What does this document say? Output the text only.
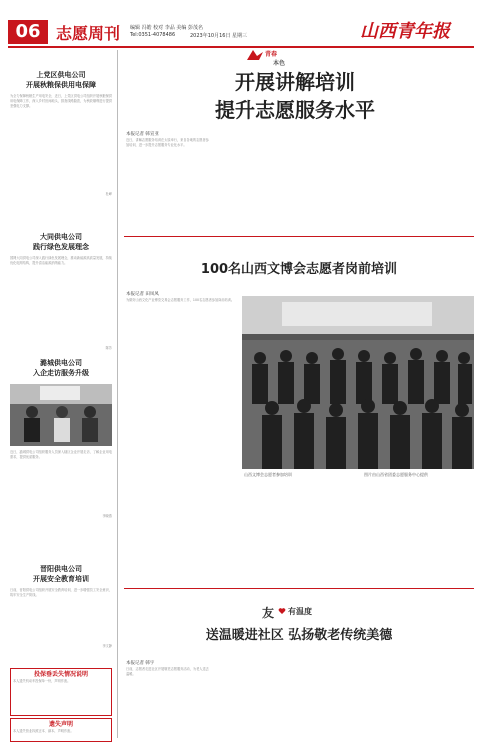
06 志愿周刊 编辑 冯皓 校对 李品 美编 彭茂名
Tel:0351-4078486	2023年10月16日 星期三	山西青年报
上党区供电公司
开展秋粮保供用电保障
为全力保障秋粮生产用电安全，近日，上党区供电公司组织开展秋粮保供用电保障工作，深入乡村田间地头，排查线路隐患，为秋收顺利进行提供坚强电力支撑。
杜峰
大同供电公司
践行绿色发展理念
国网大同供电公司深入践行绿色发展理念，推动新能源高质量发展，持续优化电网结构，提升清洁能源消纳能力。
陈芳
潞城供电公司
入企走访服务升级
近日，潞城供电公司组织服务人员深入辖区企业开展走访，了解企业用电需求，提供优质服务。
李晓燕
晋阳供电公司
开展安全教育培训
日前，晋阳供电公司组织开展安全教育培训，进一步增强员工安全意识，筑牢安全生产防线。
李文静
投保垂丢失情况说明
本人遗失机动车投保单一份，声明作废。
遗失声明
本人遗失营业执照正本、副本，声明作废。
青春
本色
开展讲解培训
提升志愿服务水平
本报记者 韩宣亚
近日，讲解志愿服务培训在太原举行，来自各地的志愿者参加培训，进一步提升志愿服务专业化水平。
100名山西文博会志愿者岗前培训
本报记者 田凤凤
为做好山西文化产业博览交易会志愿服务工作，100名志愿者参加岗前培训。
山西文博会志愿者参加培训	图片由山西省团委志愿服务中心提供
友 有温度
送温暖进社区 弘扬敬老传统美德
本报记者 韩宇
日前，志愿者走进社区开展敬老志愿服务活动，为老人送去温暖。
